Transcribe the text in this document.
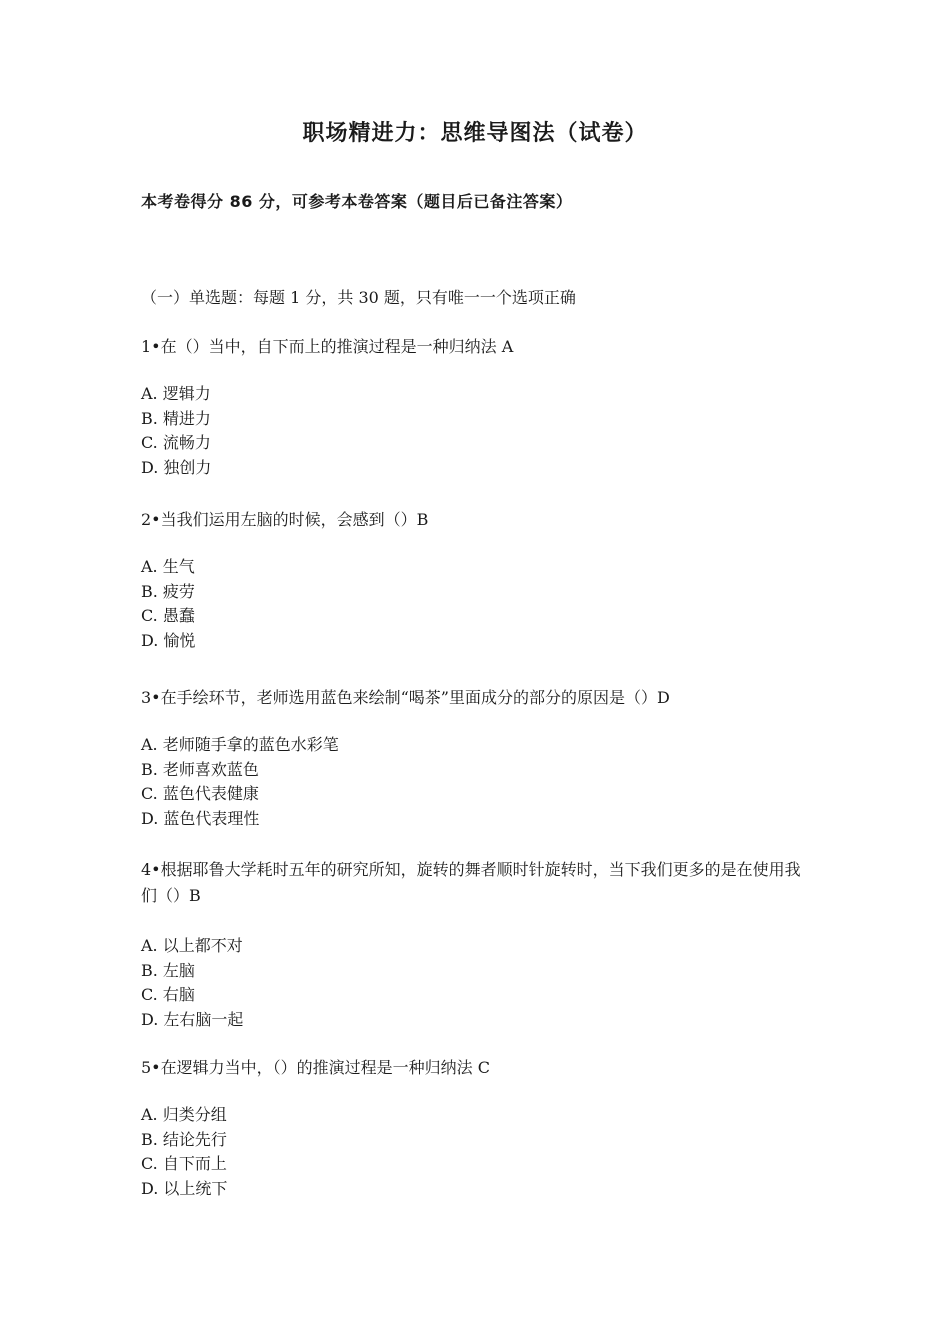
职场精进力：思维导图法（试卷）
本考卷得分 86 分，可参考本卷答案（题目后已备注答案）
（一）单选题：每题 1 分，共 30 题，只有唯一一个选项正确
1•在（）当中，自下而上的推演过程是一种归纳法 A
A. 逻辑力
B. 精进力
C. 流畅力
D. 独创力
2•当我们运用左脑的时候，会感到（）B
A. 生气
B. 疲劳
C. 愚蠢
D. 愉悦
3•在手绘环节，老师选用蓝色来绘制“喝茶”里面成分的部分的原因是（）D
A. 老师随手拿的蓝色水彩笔
B. 老师喜欢蓝色
C. 蓝色代表健康
D. 蓝色代表理性
4•根据耶鲁大学耗时五年的研究所知，旋转的舞者顺时针旋转时，当下我们更多的是在使用我们（）B
A. 以上都不对
B. 左脑
C. 右脑
D. 左右脑一起
5•在逻辑力当中，（）的推演过程是一种归纳法 C
A. 归类分组
B. 结论先行
C. 自下而上
D. 以上统下
